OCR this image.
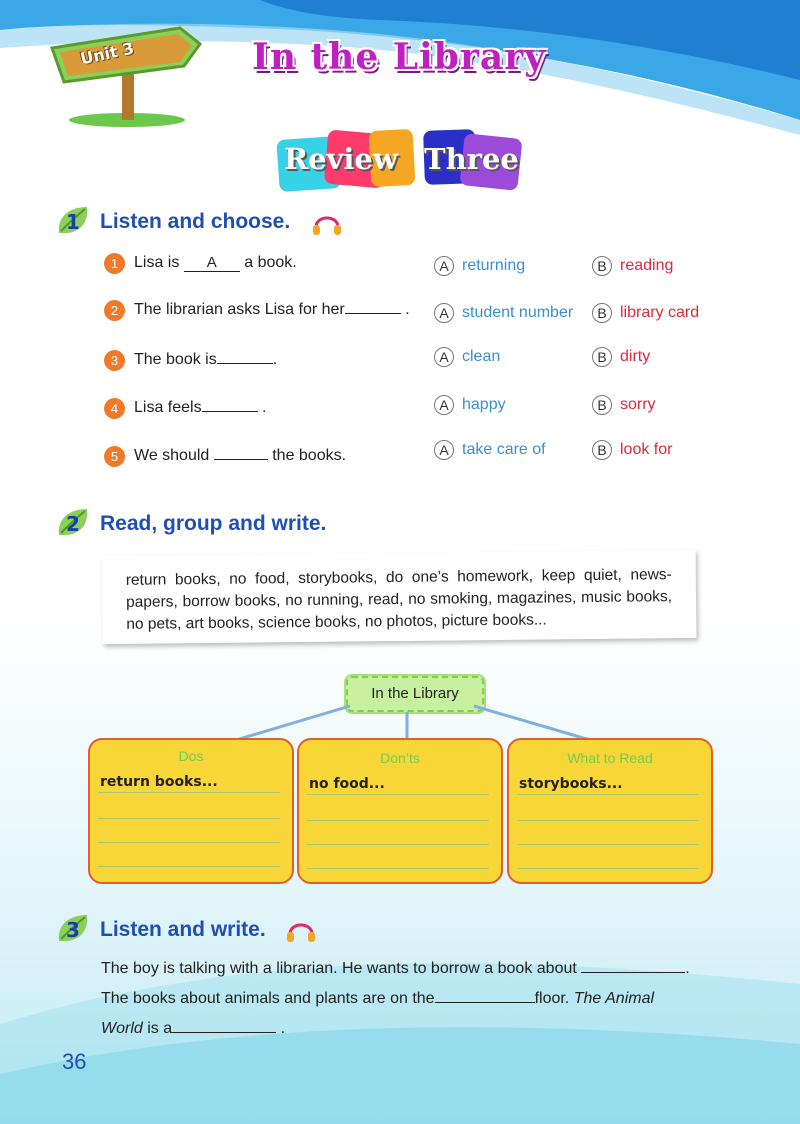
Unit 3	In the Library
Review Three
1 Listen and choose.
1 Lisa is A a book.	A returning	B reading
2 The librarian asks Lisa for her	.	A student number	B library card
3 The book is	.	A clean	B dirty
4 Lisa feels	.	A happy	B sorry
5 We should	the books.	A take care of	B look for
2 Read, group and write.
return books, no food, storybooks, do one’s homework, keep quiet, news-papers, borrow books, no running, read, no smoking, magazines, music books, no pets, art books, science books, no photos, picture books...
In the Library
Dos
return books...
Don’ts
no food...
What to Read
storybooks...
3 Listen and write.
The boy is talking with a librarian. He wants to borrow a book about	.
The books about animals and plants are on the	floor. The Animal
World is a	.
36
